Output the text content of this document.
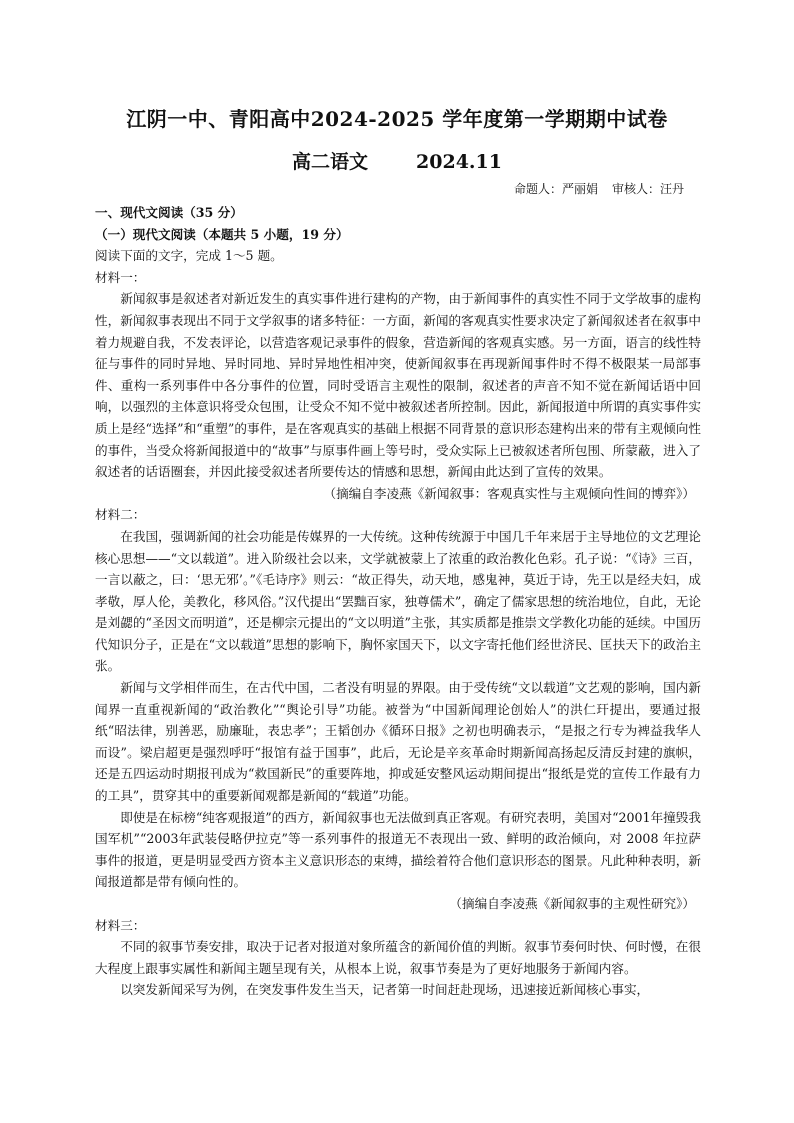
江阴一中、青阳高中2024-2025 学年度第一学期期中试卷
高二语文	2024.11
命题人：严丽娟 审核人：汪丹
一、现代文阅读（35 分）
（一）现代文阅读（本题共 5 小题，19 分）
阅读下面的文字，完成 1～5 题。
材料一：
新闻叙事是叙述者对新近发生的真实事件进行建构的产物，由于新闻事件的真实性不同于文学故事的虚构性，新闻叙事表现出不同于文学叙事的诸多特征：一方面，新闻的客观真实性要求决定了新闻叙述者在叙事中着力规避自我，不发表评论，以营造客观记录事件的假象，营造新闻的客观真实感。另一方面，语言的线性特征与事件的同时异地、异时同地、异时异地性相冲突，使新闻叙事在再现新闻事件时不得不极限某一局部事件、重构一系列事件中各分事件的位置，同时受语言主观性的限制，叙述者的声音不知不觉在新闻话语中回响，以强烈的主体意识将受众包围，让受众不知不觉中被叙述者所控制。因此，新闻报道中所谓的真实事件实质上是经“选择”和“重塑”的事件，是在客观真实的基础上根据不同背景的意识形态建构出来的带有主观倾向性的事件，当受众将新闻报道中的“故事”与原事件画上等号时，受众实际上已被叙述者所包围、所蒙蔽，进入了叙述者的话语圈套，并因此接受叙述者所要传达的情感和思想，新闻由此达到了宣传的效果。
（摘编自李凌燕《新闻叙事：客观真实性与主观倾向性间的博弈》）
材料二：
在我国，强调新闻的社会功能是传媒界的一大传统。这种传统源于中国几千年来居于主导地位的文艺理论核心思想——“文以载道”。进入阶级社会以来，文学就被蒙上了浓重的政治教化色彩。孔子说：“《诗》三百，一言以蔽之，曰：‘思无邪’。”《毛诗序》则云：“故正得失，动天地，感鬼神，莫近于诗，先王以是经夫妇，成孝敬，厚人伦，美教化，移风俗。”汉代提出“罢黜百家，独尊儒术”，确定了儒家思想的统治地位，自此，无论是刘勰的“圣因文而明道”，还是柳宗元提出的“文以明道”主张，其实质都是推崇文学教化功能的延续。中国历代知识分子，正是在“文以载道”思想的影响下，胸怀家国天下，以文字寄托他们经世济民、匡扶天下的政治主张。
新闻与文学相伴而生，在古代中国，二者没有明显的界限。由于受传统“文以载道”文艺观的影响，国内新闻界一直重视新闻的“政治教化”“舆论引导”功能。被誉为“中国新闻理论创始人”的洪仁玕提出，要通过报纸“昭法律，别善恶，励廉耻，表忠孝”；王韬创办《循环日报》之初也明确表示，“是报之行专为裨益我华人而设”。梁启超更是强烈呼吁“报馆有益于国事”，此后，无论是辛亥革命时期新闻高扬起反清反封建的旗帜，还是五四运动时期报刊成为“救国新民”的重要阵地，抑或延安整风运动期间提出“报纸是党的宣传工作最有力的工具”，贯穿其中的重要新闻观都是新闻的“载道”功能。
即使是在标榜“纯客观报道”的西方，新闻叙事也无法做到真正客观。有研究表明，美国对“2001年撞毁我国军机”“2003年武装侵略伊拉克”等一系列事件的报道无不表现出一致、鲜明的政治倾向，对 2008 年拉萨事件的报道，更是明显受西方资本主义意识形态的束缚，描绘着符合他们意识形态的图景。凡此种种表明，新闻报道都是带有倾向性的。
（摘编自李凌燕《新闻叙事的主观性研究》）
材料三：
不同的叙事节奏安排，取决于记者对报道对象所蕴含的新闻价值的判断。叙事节奏何时快、何时慢，在很大程度上跟事实属性和新闻主题呈现有关，从根本上说，叙事节奏是为了更好地服务于新闻内容。
以突发新闻采写为例，在突发事件发生当天，记者第一时间赶赴现场，迅速接近新闻核心事实，
